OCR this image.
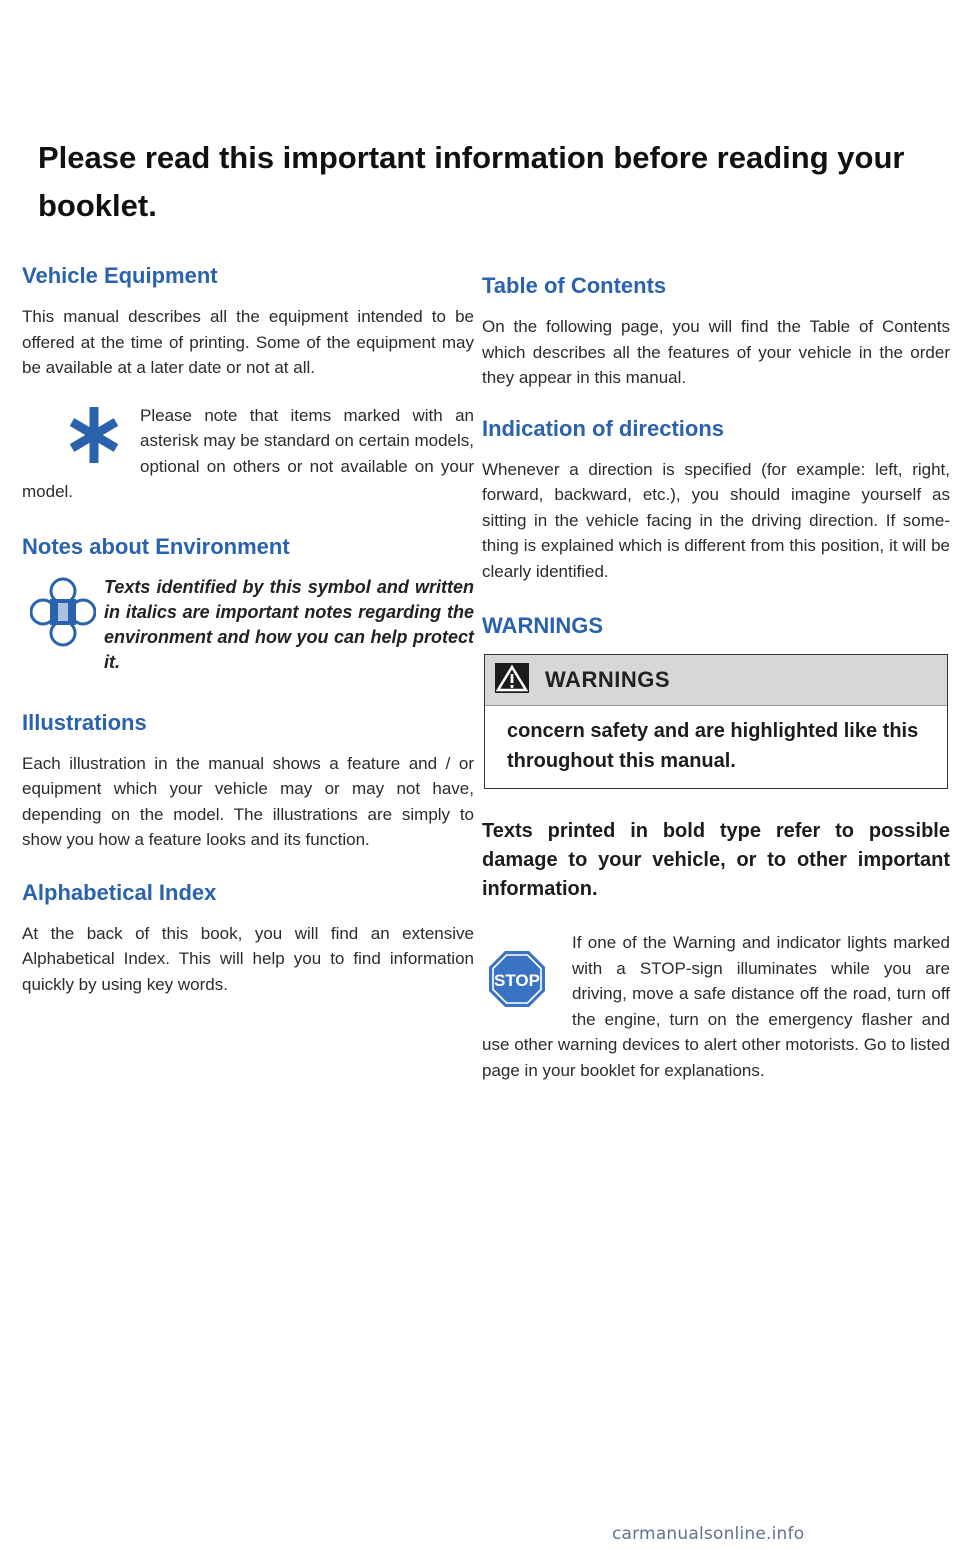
Please read this important information before reading your booklet.
Vehicle Equipment

This manual describes all the equipment intended to be offered at the time of printing. Some of the equipment may be available at a later date or not at all.

Please note that items marked with an asterisk may be standard on certain models, optional on others or not available on your model.

Notes about Environment

Texts identified by this symbol and written in italics are important notes regarding the environment and how you can help protect it.

Illustrations

Each illustration in the manual shows a feature and / or equipment which your vehicle may or may not have, depending on the model. The illustrations are simply to show you how a feature looks and its function.

Alphabetical Index

At the back of this book, you will find an extensive Alphabetical Index. This will help you to find information quickly by using key words.

Table of Contents

On the following page, you will find the Table of Contents which describes all the features of your vehicle in the order they appear in this manual.

Indication of directions

Whenever a direction is specified (for example: left, right, forward, backward, etc.), you should imagine yourself as sitting in the vehicle facing in the driving direction. If something is explained which is different from this position, it will be clearly identified.

WARNINGS
WARNINGS
concern safety and are highlighted like this throughout this manual.

Texts printed in bold type refer to possible damage to your vehicle, or to other important information.

STOP

If one of the Warning and indicator lights marked with a STOP-sign illuminates while you are driving, move a safe distance off the road, turn off the engine, turn on the emergency flasher and use other warning devices to alert other motorists. Go to listed page in your booklet for explanations.

carmanualsonline.info
